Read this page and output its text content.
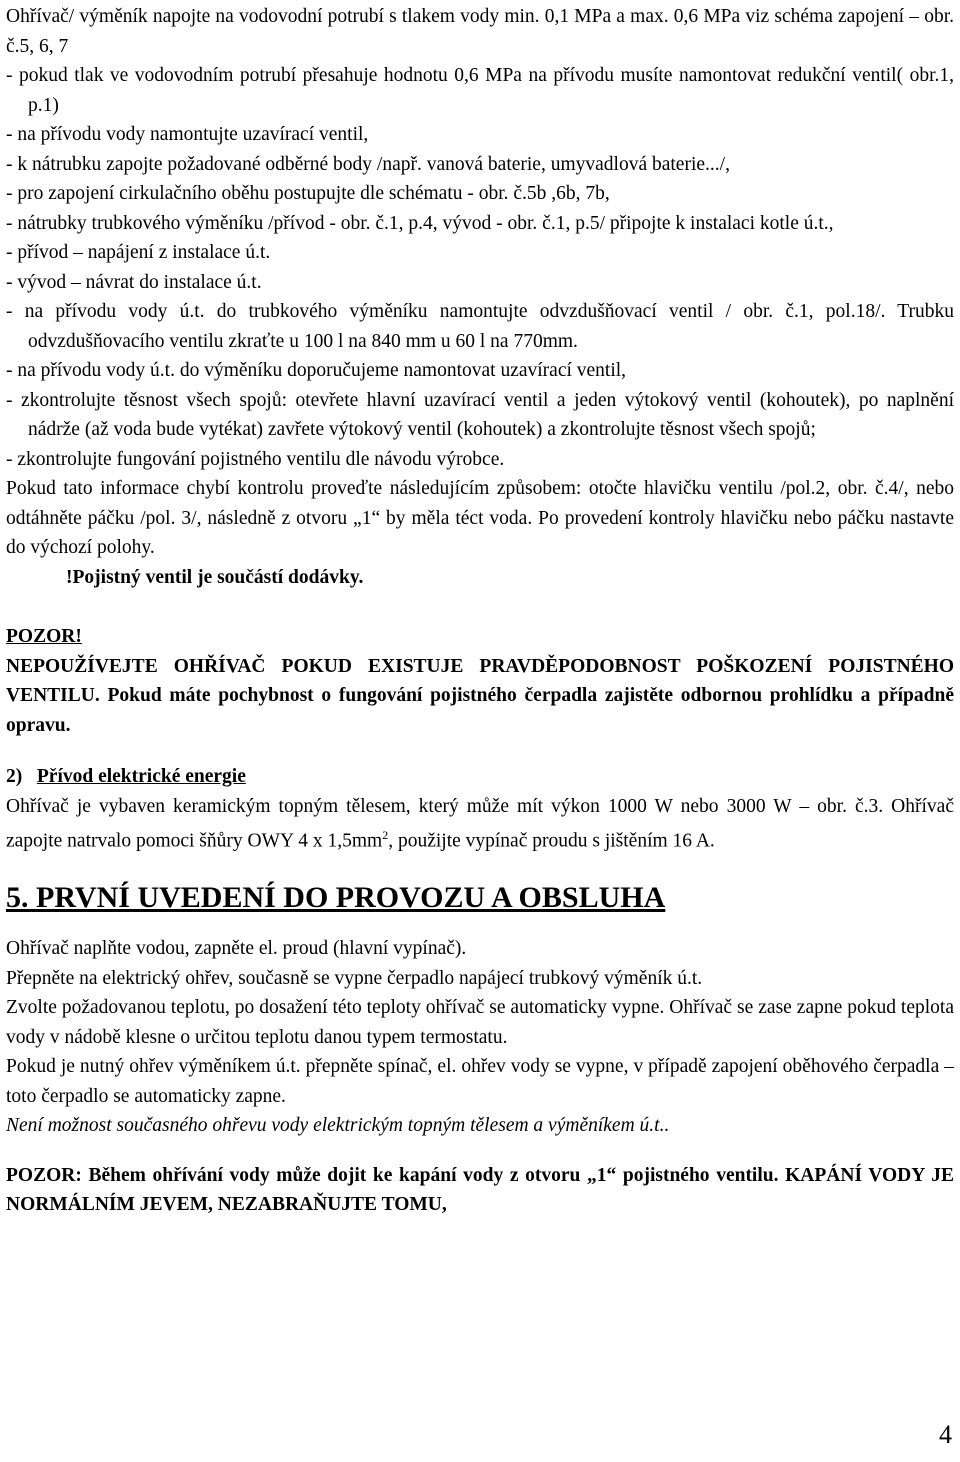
Ohřívač/ výměník napojte na vodovodní potrubí s tlakem vody min. 0,1 MPa a max. 0,6 MPa viz schéma zapojení – obr. č.5, 6, 7

- pokud tlak ve vodovodním potrubí přesahuje hodnotu 0,6 MPa na přívodu musíte namontovat redukční ventil( obr.1, p.1)

- na přívodu vody namontujte uzavírací ventil,

- k nátrubku zapojte požadované odběrné body /např. vanová baterie, umyvadlová baterie.../,

- pro zapojení cirkulačního oběhu postupujte dle schématu - obr. č.5b ,6b, 7b,

- nátrubky trubkového výměníku /přívod - obr. č.1, p.4, vývod - obr. č.1, p.5/ připojte k instalaci kotle ú.t.,

- přívod – napájení z instalace ú.t.

- vývod – návrat do instalace ú.t.

- na přívodu vody ú.t. do trubkového výměníku namontujte odvzdušňovací ventil / obr. č.1, pol.18/. Trubku odvzdušňovacího ventilu zkraťte u 100 l na 840 mm u 60 l na 770mm.

- na přívodu vody ú.t. do výměníku doporučujeme namontovat uzavírací ventil,

- zkontrolujte těsnost všech spojů: otevřete hlavní uzavírací ventil a jeden výtokový ventil (kohoutek), po naplnění nádrže (až voda bude vytékat) zavřete výtokový ventil (kohoutek) a zkontrolujte těsnost všech spojů;

- zkontrolujte fungování pojistného ventilu dle návodu výrobce.

Pokud tato informace chybí kontrolu proveďte následujícím způsobem: otočte hlavičku ventilu /pol.2, obr. č.4/, nebo odtáhněte páčku /pol. 3/, následně z otvoru „1“ by měla téct voda. Po provedení kontroly hlavičku nebo páčku nastavte do výchozí polohy.

!Pojistný ventil je součástí dodávky.

POZOR!

NEPOUŽÍVEJTE OHŘÍVAČ POKUD EXISTUJE PRAVDĚPODOBNOST POŠKOZENÍ POJISTNÉHO VENTILU. Pokud máte pochybnost o fungování pojistného čerpadla zajistěte odbornou prohlídku a případně opravu.

2) Přívod elektrické energie

Ohřívač je vybaven keramickým topným tělesem, který může mít výkon 1000 W nebo 3000 W – obr. č.3. Ohřívač zapojte natrvalo pomoci šňůry OWY 4 x $1,5mm^2$, použijte vypínač proudu s jištěním 16 A.

5. PRVNÍ UVEDENÍ DO PROVOZU A OBSLUHA

Ohřívač naplňte vodou, zapněte el. proud (hlavní vypínač).

Přepněte na elektrický ohřev, současně se vypne čerpadlo napájecí trubkový výměník ú.t.

Zvolte požadovanou teplotu, po dosažení této teploty ohřívač se automaticky vypne. Ohřívač se zase zapne pokud teplota vody v nádobě klesne o určitou teplotu danou typem termostatu.

Pokud je nutný ohřev výměníkem ú.t. přepněte spínač, el. ohřev vody se vypne, v případě zapojení oběhového čerpadla – toto čerpadlo se automaticky zapne.

Není možnost současného ohřevu vody elektrickým topným tělesem a výměníkem ú.t..

POZOR: Během ohřívání vody může dojit ke kapání vody z otvoru „1“ pojistného ventilu. KAPÁNÍ VODY JE NORMÁLNÍM JEVEM, NEZABRAŇUJTE TOMU,

4
